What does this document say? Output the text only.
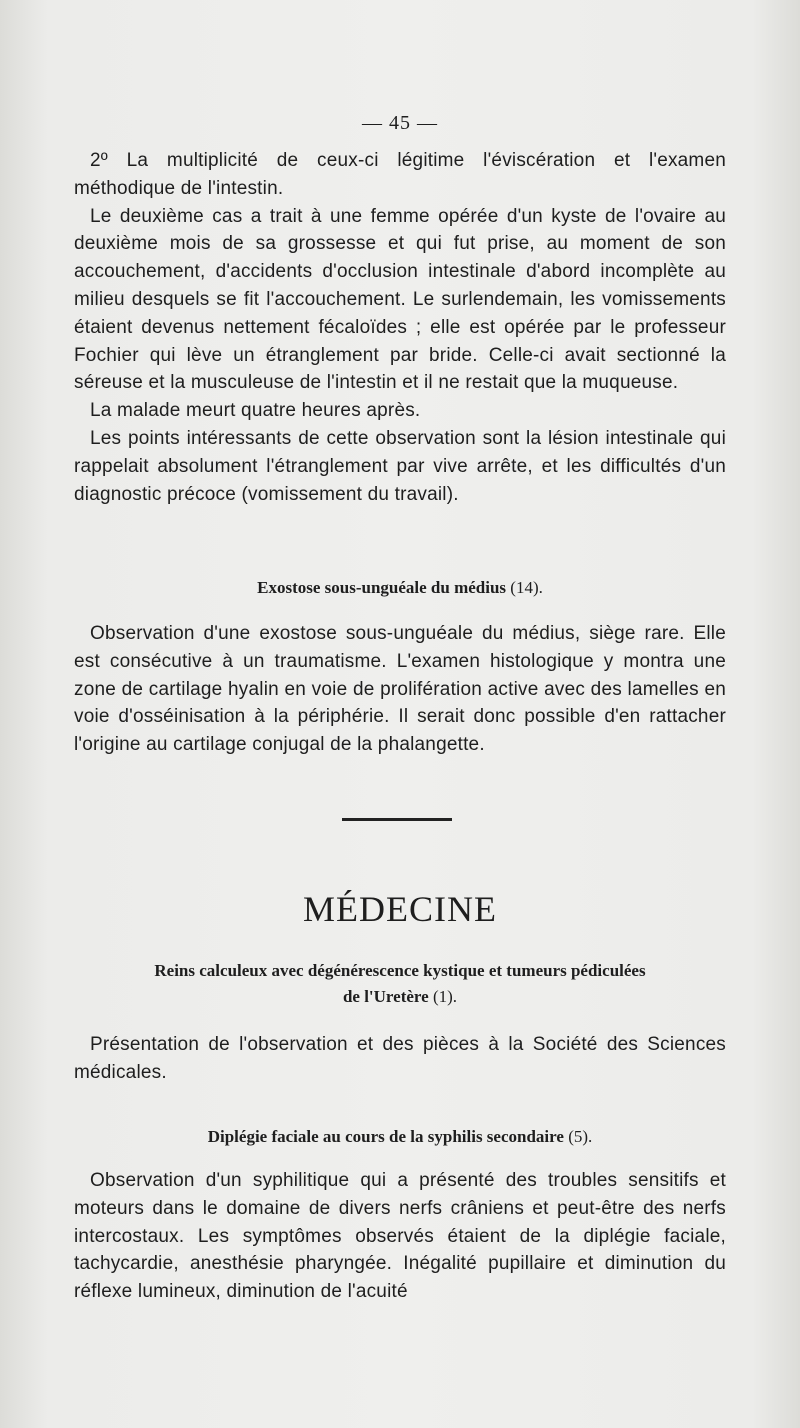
— 45 —

2º La multiplicité de ceux-ci légitime l'éviscération et l'examen méthodique de l'intestin.

Le deuxième cas a trait à une femme opérée d'un kyste de l'ovaire au deuxième mois de sa grossesse et qui fut prise, au moment de son accouchement, d'accidents d'occlusion intestinale d'abord incomplète au milieu desquels se fit l'accouchement. Le surlendemain, les vomissements étaient devenus nettement fécaloïdes ; elle est opérée par le professeur Fochier qui lève un étranglement par bride. Celle-ci avait sectionné la séreuse et la musculeuse de l'intestin et il ne restait que la muqueuse.

La malade meurt quatre heures après.

Les points intéressants de cette observation sont la lésion intestinale qui rappelait absolument l'étranglement par vive arrête, et les difficultés d'un diagnostic précoce (vomissement du travail).

Exostose sous-unguéale du médius (14).

Observation d'une exostose sous-unguéale du médius, siège rare. Elle est consécutive à un traumatisme. L'examen histologique y montra une zone de cartilage hyalin en voie de prolifération active avec des lamelles en voie d'osséinisation à la périphérie. Il serait donc possible d'en rattacher l'origine au cartilage conjugal de la phalangette.

MÉDECINE
Reins calculeux avec dégénérescence kystique et tumeurs pédiculées
de l'Uretère (1).

Présentation de l'observation et des pièces à la Société des Sciences médicales.

Diplégie faciale au cours de la syphilis secondaire (5).

Observation d'un syphilitique qui a présenté des troubles sensitifs et moteurs dans le domaine de divers nerfs crâniens et peut-être des nerfs intercostaux. Les symptômes observés étaient de la diplégie faciale, tachycardie, anesthésie pharyngée. Inégalité pupillaire et diminution du réflexe lumineux, diminution de l'acuité
